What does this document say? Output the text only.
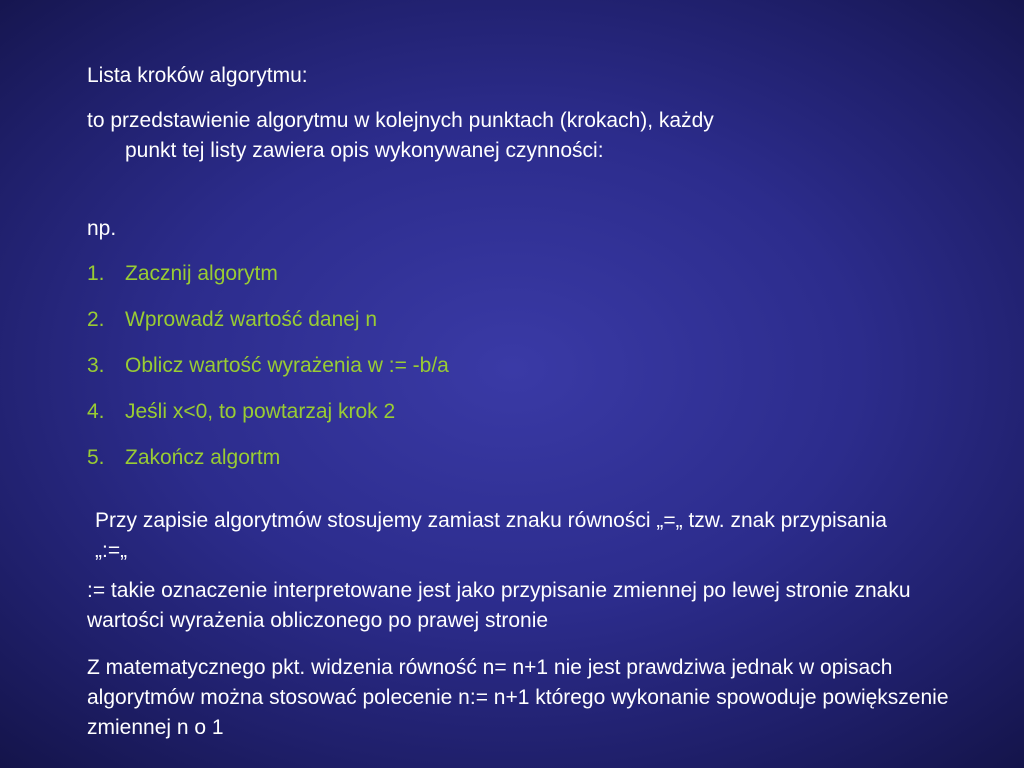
Lista kroków algorytmu:

to przedstawienie algorytmu w kolejnych punktach (krokach), każdy punkt tej listy zawiera opis wykonywanej czynności:

np.

1. Zacznij algorytm
2. Wprowadź wartość danej n
3. Oblicz wartość wyrażenia w := -b/a
4. Jeśli x<0, to powtarzaj krok 2
5. Zakończ algortm

Przy zapisie algorytmów stosujemy zamiast znaku równości „=„ tzw. znak przypisania „:=„

:= takie oznaczenie interpretowane jest jako przypisanie zmiennej po lewej stronie znaku wartości wyrażenia obliczonego po prawej stronie

Z matematycznego pkt. widzenia równość n= n+1 nie jest prawdziwa jednak w opisach algorytmów można stosować polecenie n:= n+1 którego wykonanie spowoduje powiększenie zmiennej n o 1
